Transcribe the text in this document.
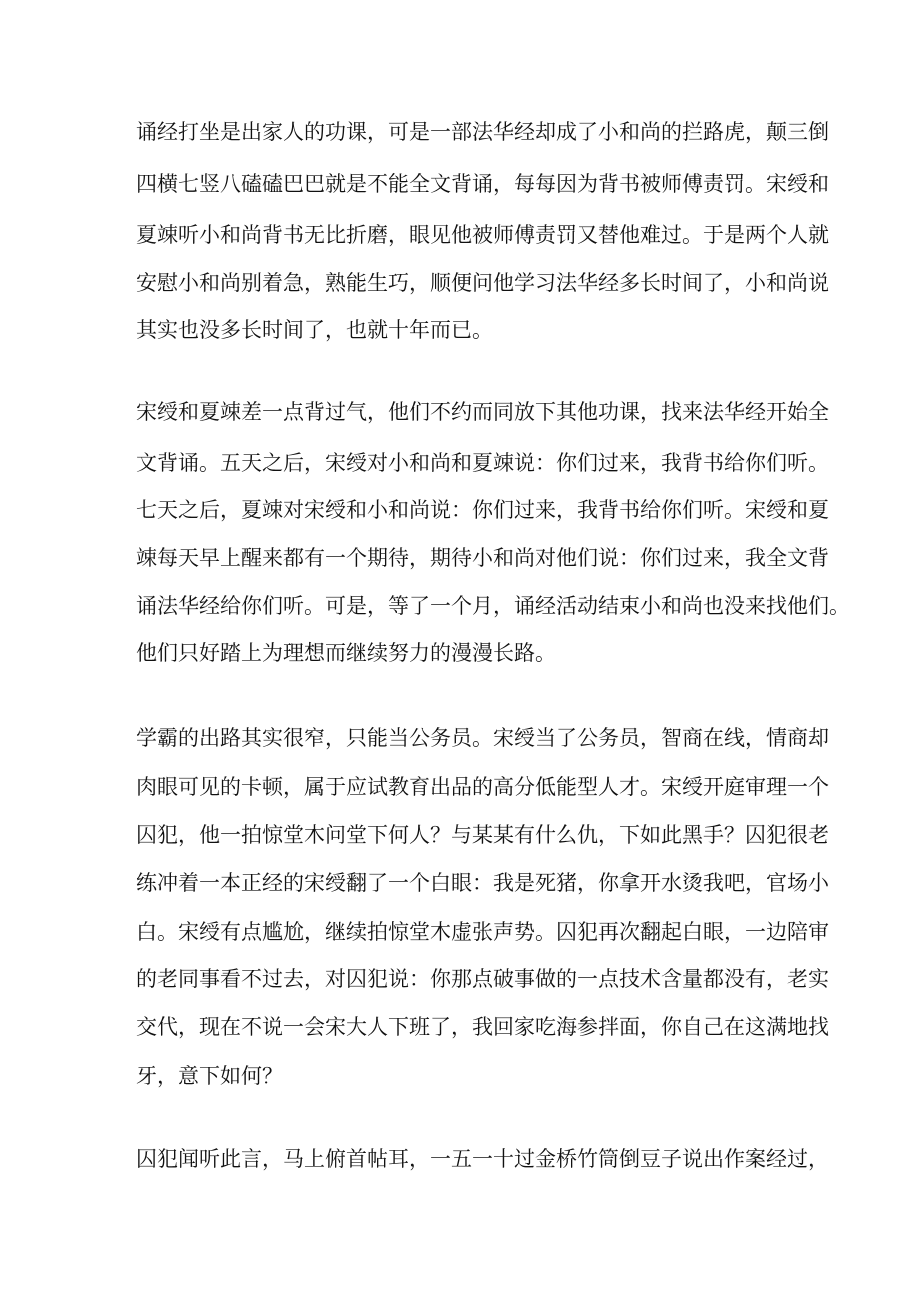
诵经打坐是出家人的功课，可是一部法华经却成了小和尚的拦路虎，颠三倒
四横七竖八磕磕巴巴就是不能全文背诵，每每因为背书被师傅责罚。宋绶和
夏竦听小和尚背书无比折磨，眼见他被师傅责罚又替他难过。于是两个人就
安慰小和尚别着急，熟能生巧，顺便问他学习法华经多长时间了，小和尚说
其实也没多长时间了，也就十年而已。
宋绶和夏竦差一点背过气，他们不约而同放下其他功课，找来法华经开始全
文背诵。五天之后，宋绶对小和尚和夏竦说：你们过来，我背书给你们听。
七天之后，夏竦对宋绶和小和尚说：你们过来，我背书给你们听。宋绶和夏
竦每天早上醒来都有一个期待，期待小和尚对他们说：你们过来，我全文背
诵法华经给你们听。可是，等了一个月，诵经活动结束小和尚也没来找他们。
他们只好踏上为理想而继续努力的漫漫长路。
学霸的出路其实很窄，只能当公务员。宋绶当了公务员，智商在线，情商却
肉眼可见的卡顿，属于应试教育出品的高分低能型人才。宋绶开庭审理一个
囚犯，他一拍惊堂木问堂下何人？与某某有什么仇，下如此黑手？囚犯很老
练冲着一本正经的宋绶翻了一个白眼：我是死猪，你拿开水烫我吧，官场小
白。宋绶有点尴尬，继续拍惊堂木虚张声势。囚犯再次翻起白眼，一边陪审
的老同事看不过去，对囚犯说：你那点破事做的一点技术含量都没有，老实
交代，现在不说一会宋大人下班了，我回家吃海参拌面，你自己在这满地找
牙，意下如何？
囚犯闻听此言，马上俯首帖耳，一五一十过金桥竹筒倒豆子说出作案经过，
